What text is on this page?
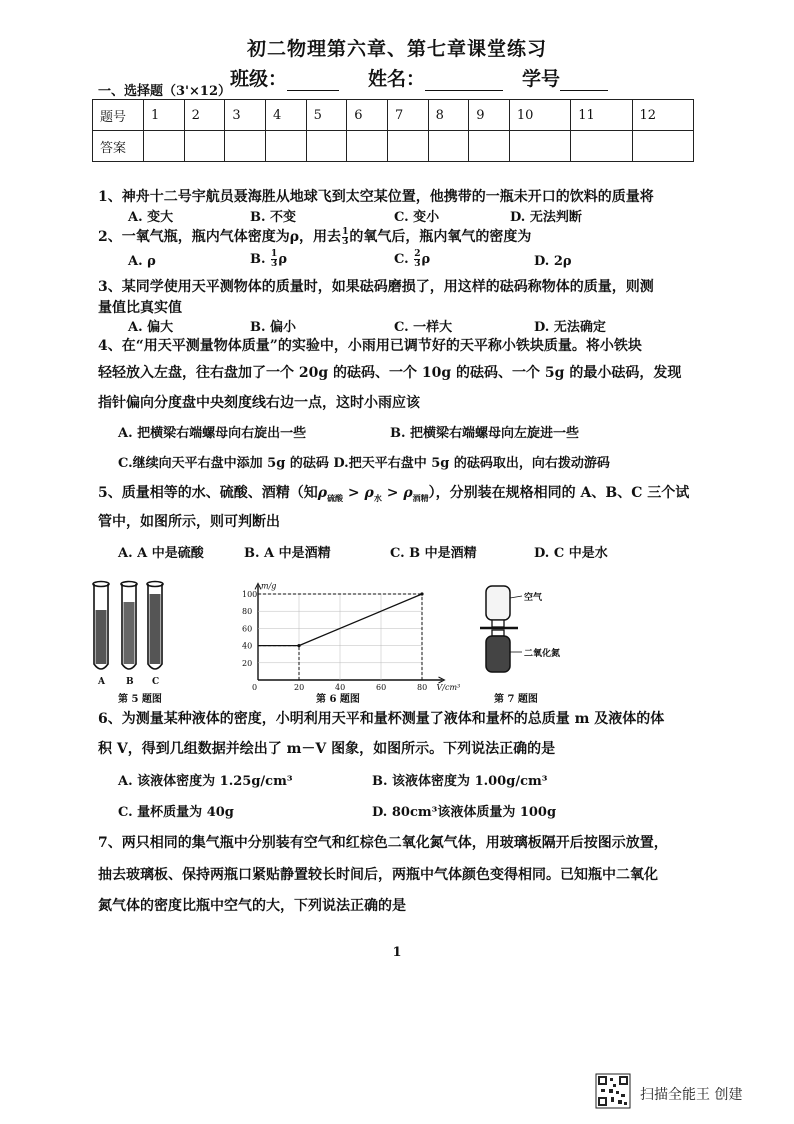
初二物理第六章、第七章课堂练习
班级：	姓名：	学号
一、选择题（3'×12）
题号	1	2	3	4	5	6	7	8	9	10	11	12
答案												
1、神舟十二号宇航员聂海胜从地球飞到太空某位置，他携带的一瓶未开口的饮料的质量将
A. 变大	B. 不变	C. 变小	D. 无法判断
2、一氧气瓶，瓶内气体密度为ρ，用去 $\frac{1}{3}$ 的氧气后，瓶内氧气的密度为
A. ρ	B. $\frac{1}{3}$ ρ	C. $\frac{2}{3}$ ρ	D. 2ρ
3、某同学使用天平测物体的质量时，如果砝码磨损了，用这样的砝码称物体的质量，则测
量值比真实值
A. 偏大	B. 偏小	C. 一样大	D. 无法确定
4、在“用天平测量物体质量”的实验中，小雨用已调节好的天平称小铁块质量。将小铁块
轻轻放入左盘，往右盘加了一个 20g 的砝码、一个 10g 的砝码、一个 5g 的最小砝码，发现
指针偏向分度盘中央刻度线右边一点，这时小雨应该
A. 把横梁右端螺母向右旋出一些	B. 把横梁右端螺母向左旋进一些
C.继续向天平右盘中添加 5g 的砝码 D.把天平右盘中 5g 的砝码取出，向右拨动游码
5、质量相等的水、硫酸、酒精（知$\rho_{硫酸} > \rho_水 > \rho_{酒精}$），分别装在规格相同的 A、B、C 三个试
管中，如图所示，则可判断出
A. A 中是硫酸	B. A 中是酒精	C. B 中是酒精	D. C 中是水
A B C
第 5 题图
0	20	40	60	80
20
40
60
80
100
m/g
V/cm³
第 6 题图
空气
二氧化氮
第 7 题图
6、为测量某种液体的密度，小明利用天平和量杯测量了液体和量杯的总质量 m 及液体的体
积 V，得到几组数据并绘出了 m－V 图象，如图所示。下列说法正确的是
A. 该液体密度为 1.25g/cm³	B. 该液体密度为 1.00g/cm³
C. 量杯质量为 40g	D. 80cm³该液体质量为 100g
7、两只相同的集气瓶中分别装有空气和红棕色二氧化氮气体，用玻璃板隔开后按图示放置，
抽去玻璃板、保持两瓶口紧贴静置较长时间后，两瓶中气体颜色变得相同。已知瓶中二氧化
氮气体的密度比瓶中空气的大，下列说法正确的是
1
扫描全能王 创建
